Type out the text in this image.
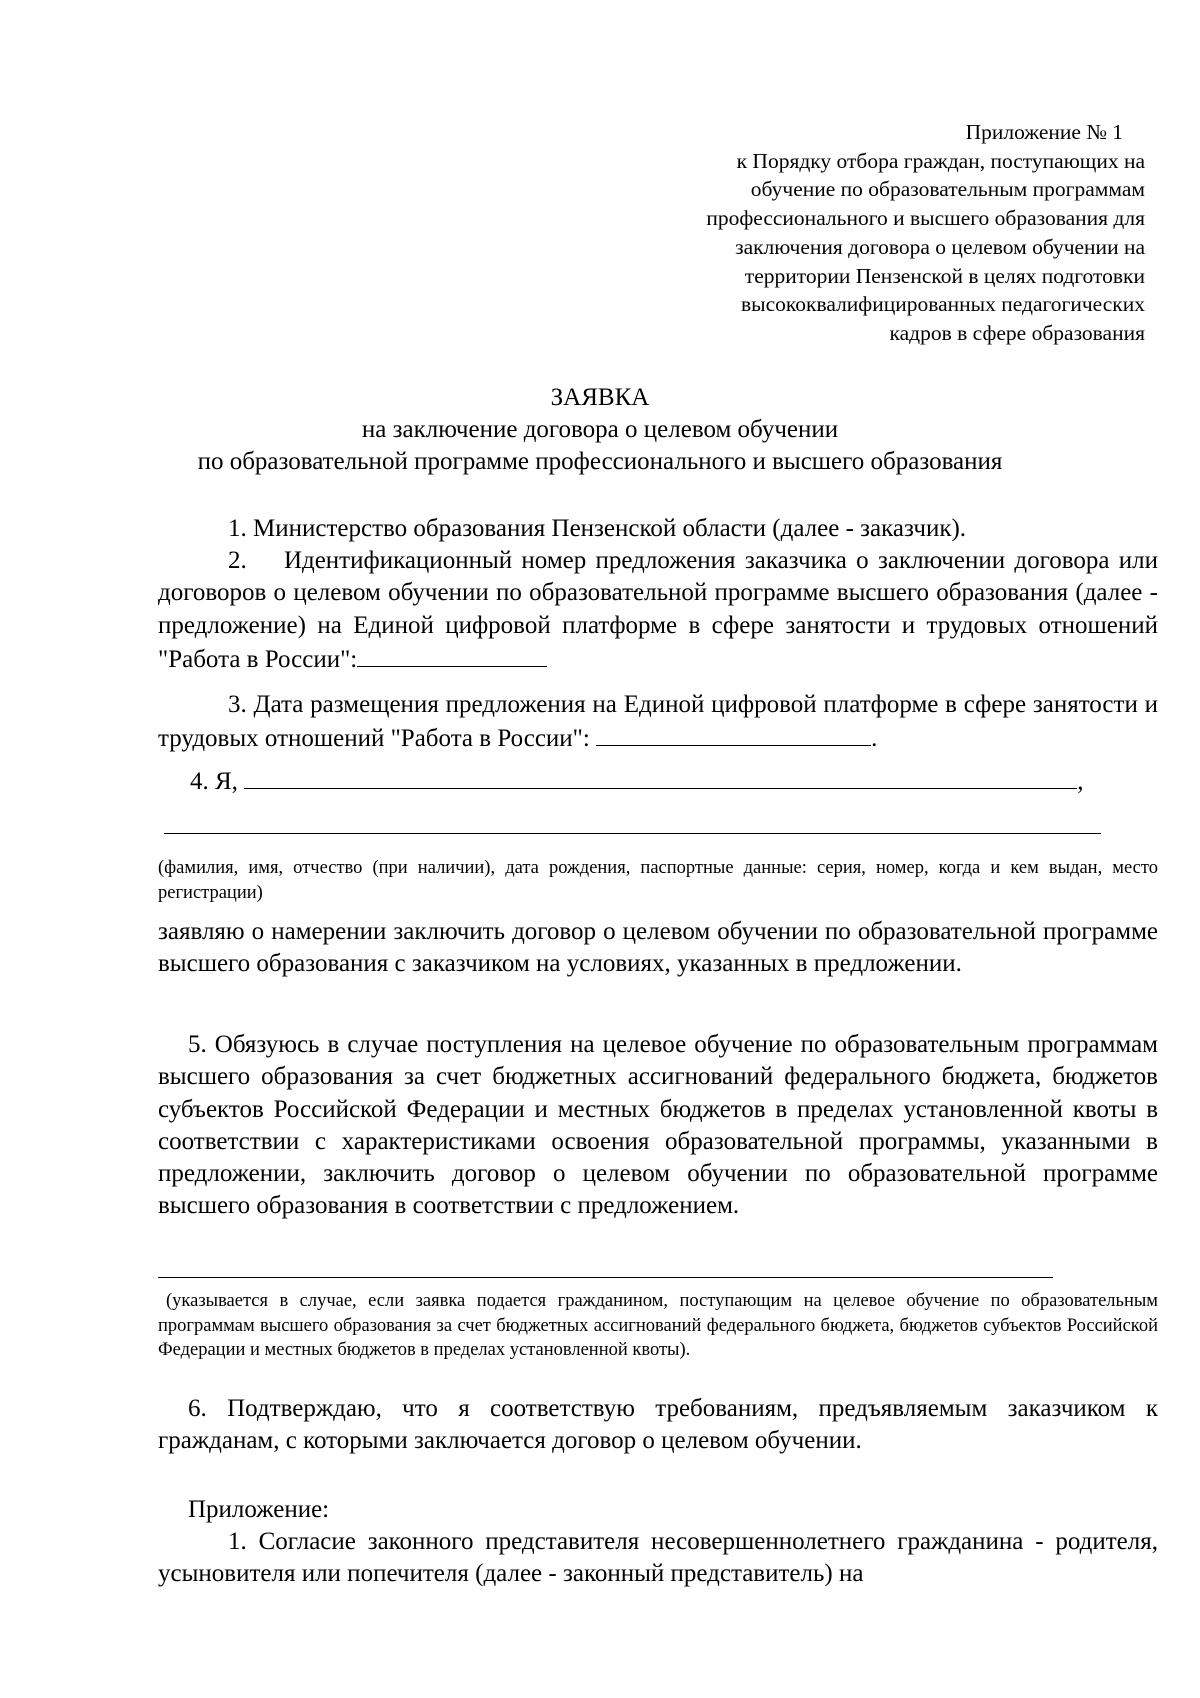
Приложение № 1
к Порядку отбора граждан, поступающих на
обучение по образовательным программам
профессионального и высшего образования для
заключения договора о целевом обучении на
территории Пензенской в целях подготовки
высококвалифицированных педагогических
кадров в сфере образования
ЗАЯВКА
на заключение договора о целевом обучении
по образовательной программе профессионального и высшего образования
1. Министерство образования Пензенской области (далее - заказчик).
2. Идентификационный номер предложения заказчика о заключении договора или договоров о целевом обучении по образовательной программе высшего образования (далее - предложение) на Единой цифровой платформе в сфере занятости и трудовых отношений "Работа в России":
3. Дата размещения предложения на Единой цифровой платформе в сфере занятости и трудовых отношений "Работа в России":	.
4. Я,	,
(фамилия, имя, отчество (при наличии), дата рождения, паспортные данные: серия, номер, когда и кем выдан, место регистрации)
заявляю о намерении заключить договор о целевом обучении по образовательной программе высшего образования с заказчиком на условиях, указанных в предложении.
5. Обязуюсь в случае поступления на целевое обучение по образовательным программам высшего образования за счет бюджетных ассигнований федерального бюджета, бюджетов субъектов Российской Федерации и местных бюджетов в пределах установленной квоты в соответствии с характеристиками освоения образовательной программы, указанными в предложении, заключить договор о целевом обучении по образовательной программе высшего образования в соответствии с предложением.
(указывается в случае, если заявка подается гражданином, поступающим на целевое обучение по образовательным программам высшего образования за счет бюджетных ассигнований федерального бюджета, бюджетов субъектов Российской Федерации и местных бюджетов в пределах установленной квоты).
6. Подтверждаю, что я соответствую требованиям, предъявляемым заказчиком к гражданам, с которыми заключается договор о целевом обучении.
Приложение:
1. Согласие законного представителя несовершеннолетнего гражданина - родителя, усыновителя или попечителя (далее - законный представитель) на
